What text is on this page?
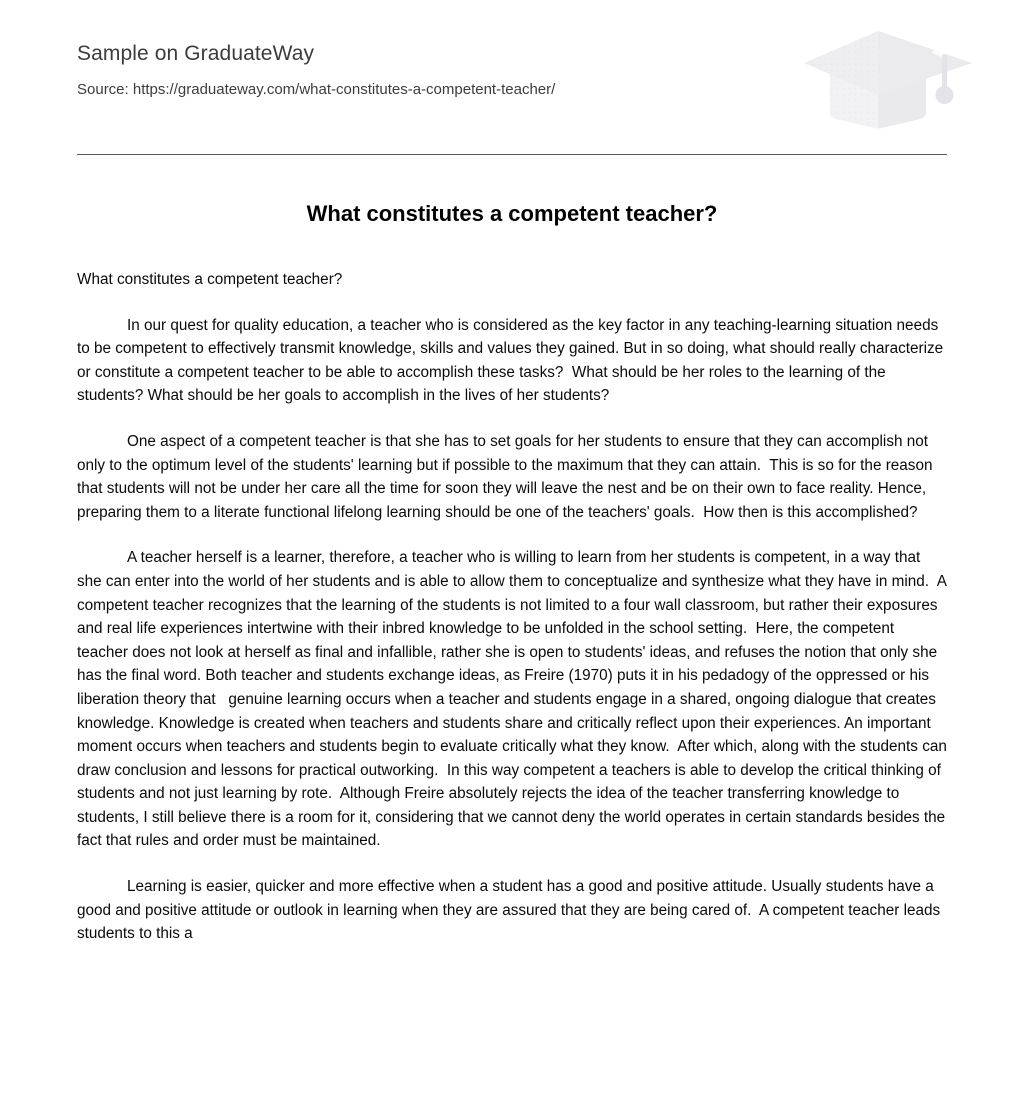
Sample on GraduateWay
Source: https://graduateway.com/what-constitutes-a-competent-teacher/
What constitutes a competent teacher?

What constitutes a competent teacher?

In our quest for quality education, a teacher who is considered as the key factor in any teaching-learning situation needs to be competent to effectively transmit knowledge, skills and values they gained. But in so doing, what should really characterize or constitute a competent teacher to be able to accomplish these tasks?  What should be her roles to the learning of the students? What should be her goals to accomplish in the lives of her students?

One aspect of a competent teacher is that she has to set goals for her students to ensure that they can accomplish not only to the optimum level of the students' learning but if possible to the maximum that they can attain.  This is so for the reason that students will not be under her care all the time for soon they will leave the nest and be on their own to face reality. Hence, preparing them to a literate functional lifelong learning should be one of the teachers' goals.  How then is this accomplished?

A teacher herself is a learner, therefore, a teacher who is willing to learn from her students is competent, in a way that she can enter into the world of her students and is able to allow them to conceptualize and synthesize what they have in mind.  A competent teacher recognizes that the learning of the students is not limited to a four wall classroom, but rather their exposures and real life experiences intertwine with their inbred knowledge to be unfolded in the school setting.  Here, the competent teacher does not look at herself as final and infallible, rather she is open to students' ideas, and refuses the notion that only she has the final word. Both teacher and students exchange ideas, as Freire (1970) puts it in his pedadogy of the oppressed or his liberation theory that   genuine learning occurs when a teacher and students engage in a shared, ongoing dialogue that creates knowledge. Knowledge is created when teachers and students share and critically reflect upon their experiences. An important moment occurs when teachers and students begin to evaluate critically what they know.  After which, along with the students can draw conclusion and lessons for practical outworking.  In this way competent a teachers is able to develop the critical thinking of students and not just learning by rote.  Although Freire absolutely rejects the idea of the teacher transferring knowledge to students, I still believe there is a room for it, considering that we cannot deny the world operates in certain standards besides the fact that rules and order must be maintained.

Learning is easier, quicker and more effective when a student has a good and positive attitude. Usually students have a good and positive attitude or outlook in learning when they are assured that they are being cared of.  A competent teacher leads students to this a
